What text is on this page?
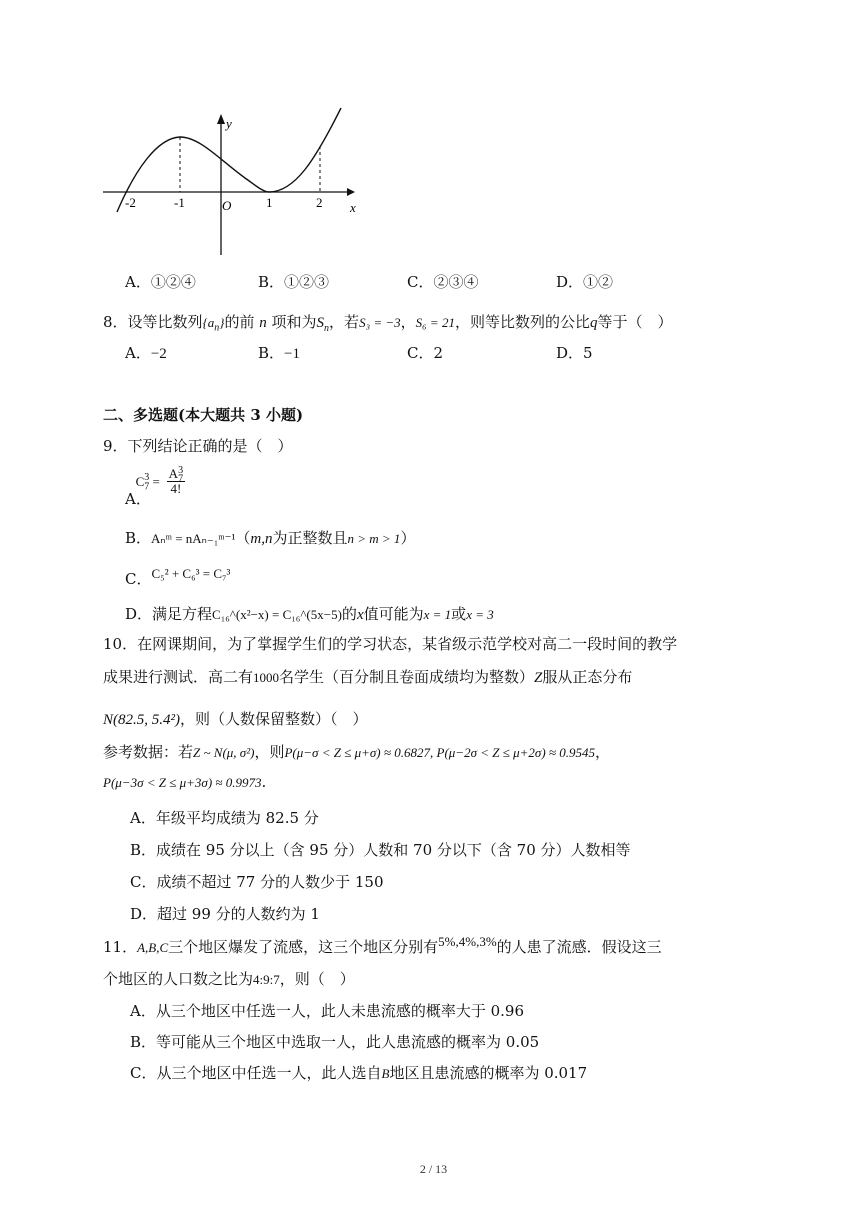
y
x
O
-2	-1	1	2
A．①②④	B．①②③	C．②③④	D．①②
8．设等比数列$\{a_n\}$的前 n 项和为$S_n$，若S₃ = −3，S₆ = 21，则等比数列的公比q等于（　）
A．−2	B．−1	C．2	D．5
二、多选题(本大题共 3 小题)
9．下列结论正确的是（　）
A． $C_7^3 = \frac{A_7^3}{4!}$
B．Aₙᵐ = nAₙ₋₁ᵐ⁻¹（m,n为正整数且n > m > 1）
C．C₅² + C₆³ = C₇³
D．满足方程C₁₆^(x²−x) = C₁₆^(5x−5)的x值可能为x = 1或x = 3
10．在网课期间，为了掌握学生们的学习状态，某省级示范学校对高二一段时间的教学
成果进行测试．高二有1000名学生（百分制且卷面成绩均为整数）Z服从正态分布
N(82.5, 5.4²)，则（人数保留整数）（　）
参考数据：若Z ~ N(μ, σ²)，则P(μ−σ < Z ≤ μ+σ) ≈ 0.6827, P(μ−2σ < Z ≤ μ+2σ) ≈ 0.9545，
P(μ−3σ < Z ≤ μ+3σ) ≈ 0.9973.
A．年级平均成绩为 82.5 分
B．成绩在 95 分以上（含 95 分）人数和 70 分以下（含 70 分）人数相等
C．成绩不超过 77 分的人数少于 150
D．超过 99 分的人数约为 1
11．A,B,C三个地区爆发了流感，这三个地区分别有5%,4%,3%的人患了流感．假设这三
个地区的人口数之比为4:9:7，则（　）
A．从三个地区中任选一人，此人未患流感的概率大于 0.96
B．等可能从三个地区中选取一人，此人患流感的概率为 0.05
C．从三个地区中任选一人，此人选自B地区且患流感的概率为 0.017
2 / 13
